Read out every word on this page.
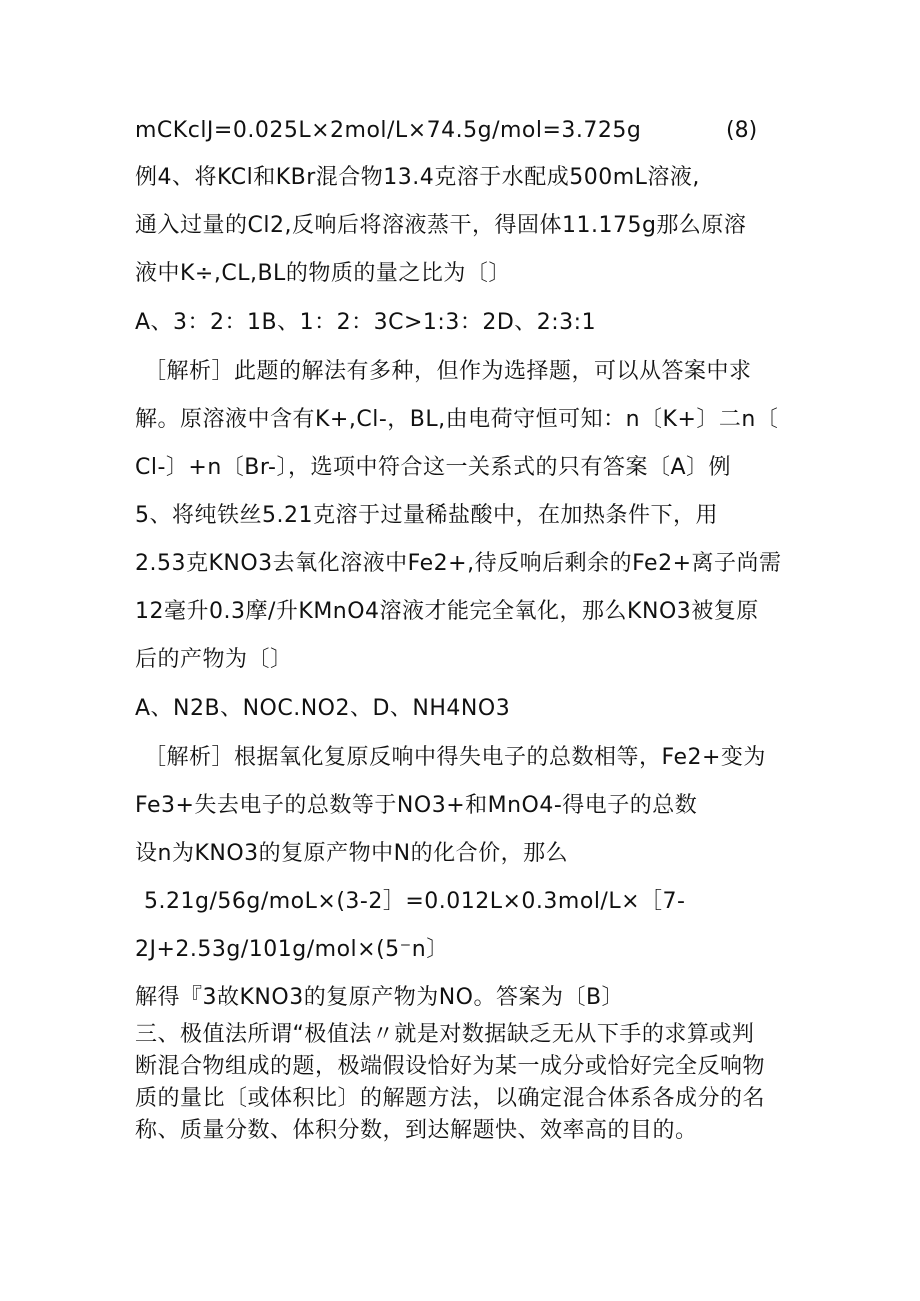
mCKclJ=0.025L×2mol/L×74.5g/mol=3.725g	(8)
例4、将KCl和KBr混合物13.4克溶于水配成500mL溶液,
通入过量的Cl2,反响后将溶液蒸干，得固体11.175g那么原溶
液中K÷,CL,BL的物质的量之比为〔〕
A、3：2：1B、1：2：3C>1:3：2D、2:3:1
［解析］此题的解法有多种，但作为选择题，可以从答案中求
解。原溶液中含有K+,Cl-，BL,由电荷守恒可知：n〔K+〕二n〔
Cl-〕+n〔Br-〕，选项中符合这一关系式的只有答案〔A〕例
5、将纯铁丝5.21克溶于过量稀盐酸中，在加热条件下，用
2.53克KNO3去氧化溶液中Fe2+,待反响后剩余的Fe2+离子尚需
12毫升0.3摩/升KMnO4溶液才能完全氧化，那么KNO3被复原
后的产物为〔〕
A、N2B、NOC.NO2、D、NH4NO3
［解析］根据氧化复原反响中得失电子的总数相等，Fe2+变为
Fe3+失去电子的总数等于NO3+和MnO4-得电子的总数
设n为KNO3的复原产物中N的化合价，那么
5.21g/56g/moL×(3-2］=0.012L×0.3mol/L×［7-
2J+2.53g/101g/mol×(5⁻n〕
解得『3故KNO3的复原产物为NO。答案为〔B〕
三、极值法所谓“极值法〃就是对数据缺乏无从下手的求算或判
断混合物组成的题，极端假设恰好为某一成分或恰好完全反响物
质的量比〔或体积比〕的解题方法，以确定混合体系各成分的名
称、质量分数、体积分数，到达解题快、效率高的目的。
